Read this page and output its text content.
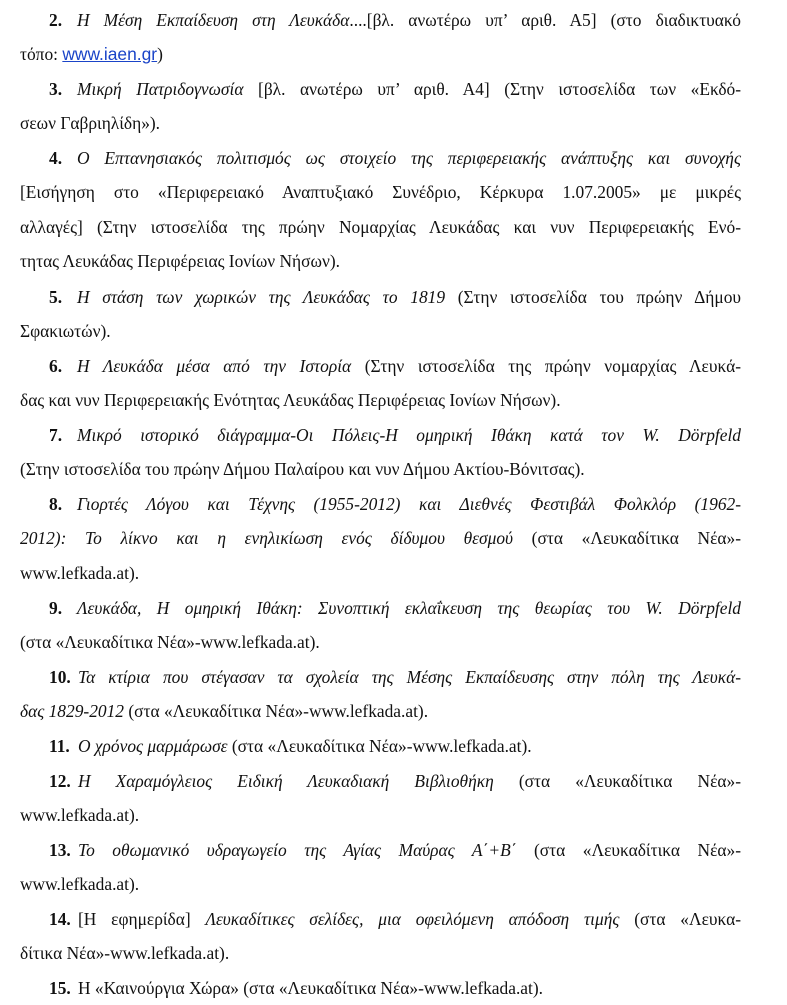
2. Η Μέση Εκπαίδευση στη Λευκάδα....[βλ. ανωτέρω υπ’ αριθ. Α5] (στο διαδικτυακό
τόπο: www.iaen.gr)
3. Μικρή Πατριδογνωσία [βλ. ανωτέρω υπ’ αριθ. Α4] (Στην ιστοσελίδα των «Εκδό-
σεων Γαβριηλίδη»).
4. Ο Επτανησιακός πολιτισμός ως στοιχείο της περιφερειακής ανάπτυξης και συνοχής
[Εισήγηση στο «Περιφερειακό Αναπτυξιακό Συνέδριο, Κέρκυρα 1.07.2005» με μικρές
αλλαγές] (Στην ιστοσελίδα της πρώην Νομαρχίας Λευκάδας και νυν Περιφερειακής Ενό-
τητας Λευκάδας Περιφέρειας Ιονίων Νήσων).
5. Η στάση των χωρικών της Λευκάδας το 1819 (Στην ιστοσελίδα του πρώην Δήμου
Σφακιωτών).
6. Η Λευκάδα μέσα από την Ιστορία (Στην ιστοσελίδα της πρώην νομαρχίας Λευκά-
δας και νυν Περιφερειακής Ενότητας Λευκάδας Περιφέρειας Ιονίων Νήσων).
7. Μικρό ιστορικό διάγραμμα-Οι Πόλεις-Η ομηρική Ιθάκη κατά τον W. Dörpfeld
(Στην ιστοσελίδα του πρώην Δήμου Παλαίρου και νυν Δήμου Ακτίου-Βόνιτσας).
8. Γιορτές Λόγου και Τέχνης (1955-2012) και Διεθνές Φεστιβάλ Φολκλόρ (1962-
2012): Το λίκνο και η ενηλικίωση ενός δίδυμου θεσμού (στα «Λευκαδίτικα Νέα»-
www.lefkada.at).
9. Λευκάδα, Η ομηρική Ιθάκη: Συνοπτική εκλαΐκευση της θεωρίας του W. Dörpfeld
(στα «Λευκαδίτικα Νέα»-www.lefkada.at).
10. Τα κτίρια που στέγασαν τα σχολεία της Μέσης Εκπαίδευσης στην πόλη της Λευκά-
δας 1829-2012 (στα «Λευκαδίτικα Νέα»-www.lefkada.at).
11. Ο χρόνος μαρμάρωσε (στα «Λευκαδίτικα Νέα»-www.lefkada.at).
12. Η Χαραμόγλειος Ειδική Λευκαδιακή Βιβλιοθήκη (στα «Λευκαδίτικα Νέα»-
www.lefkada.at).
13. Το οθωμανικό υδραγωγείο της Αγίας Μαύρας Α΄+Β΄ (στα «Λευκαδίτικα Νέα»-
www.lefkada.at).
14. [Η εφημερίδα] Λευκαδίτικες σελίδες, μια οφειλόμενη απόδοση τιμής (στα «Λευκα-
δίτικα Νέα»-www.lefkada.at).
15. Η «Καινούργια Χώρα» (στα «Λευκαδίτικα Νέα»-www.lefkada.at).
